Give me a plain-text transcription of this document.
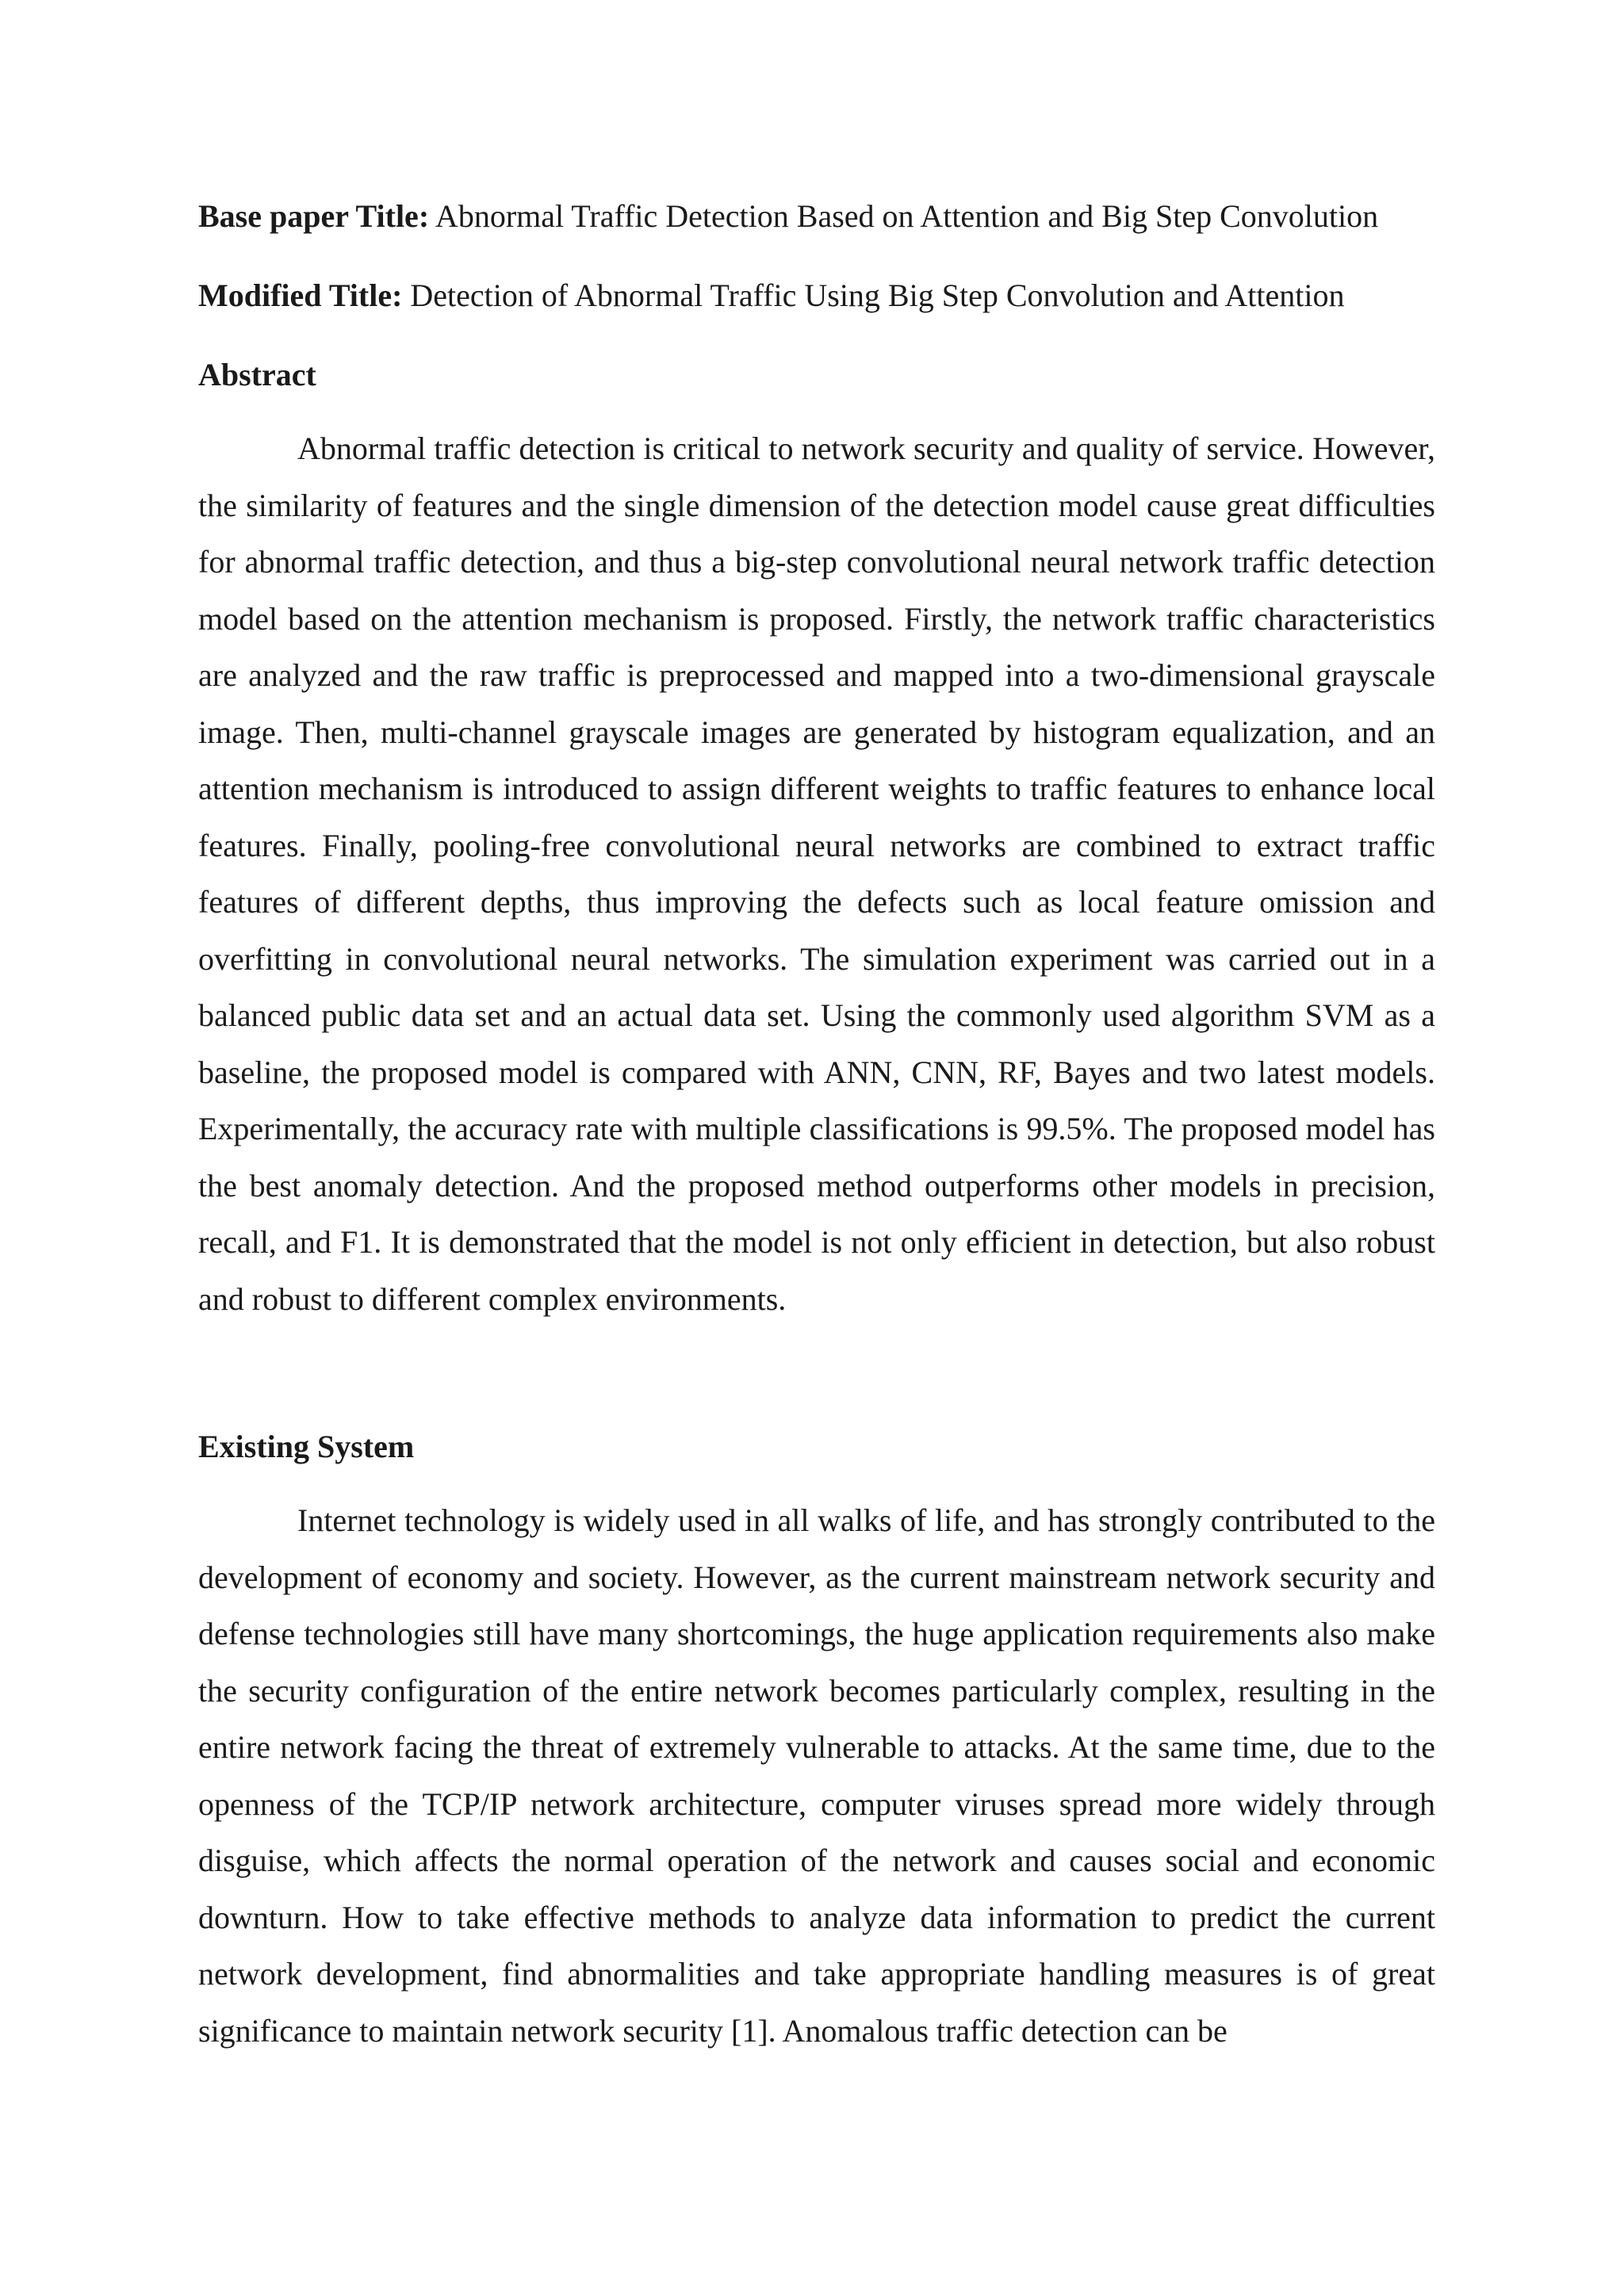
Base paper Title: Abnormal Traffic Detection Based on Attention and Big Step Convolution

Modified Title: Detection of Abnormal Traffic Using Big Step Convolution and Attention

Abstract

Abnormal traffic detection is critical to network security and quality of service. However, the similarity of features and the single dimension of the detection model cause great difficulties for abnormal traffic detection, and thus a big-step convolutional neural network traffic detection model based on the attention mechanism is proposed. Firstly, the network traffic characteristics are analyzed and the raw traffic is preprocessed and mapped into a two-dimensional grayscale image. Then, multi-channel grayscale images are generated by histogram equalization, and an attention mechanism is introduced to assign different weights to traffic features to enhance local features. Finally, pooling-free convolutional neural networks are combined to extract traffic features of different depths, thus improving the defects such as local feature omission and overfitting in convolutional neural networks. The simulation experiment was carried out in a balanced public data set and an actual data set. Using the commonly used algorithm SVM as a baseline, the proposed model is compared with ANN, CNN, RF, Bayes and two latest models. Experimentally, the accuracy rate with multiple classifications is 99.5%. The proposed model has the best anomaly detection. And the proposed method outperforms other models in precision, recall, and F1. It is demonstrated that the model is not only efficient in detection, but also robust and robust to different complex environments.

Existing System

Internet technology is widely used in all walks of life, and has strongly contributed to the development of economy and society. However, as the current mainstream network security and defense technologies still have many shortcomings, the huge application requirements also make the security configuration of the entire network becomes particularly complex, resulting in the entire network facing the threat of extremely vulnerable to attacks. At the same time, due to the openness of the TCP/IP network architecture, computer viruses spread more widely through disguise, which affects the normal operation of the network and causes social and economic downturn. How to take effective methods to analyze data information to predict the current network development, find abnormalities and take appropriate handling measures is of great significance to maintain network security [1]. Anomalous traffic detection can be
